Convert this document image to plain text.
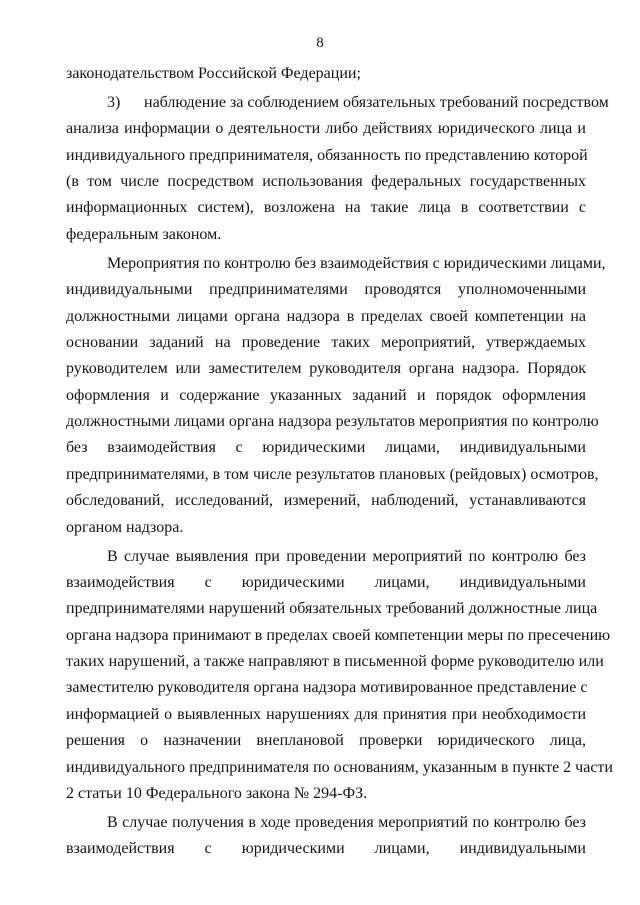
8
законодательством Российской Федерации;
3) наблюдение за соблюдением обязательных требований посредством
анализа информации о деятельности либо действиях юридического лица и
индивидуального предпринимателя, обязанность по представлению которой
(в том числе посредством использования федеральных государственных
информационных систем), возложена на такие лица в соответствии с
федеральным законом.
Мероприятия по контролю без взаимодействия с юридическими лицами,
индивидуальными предпринимателями проводятся уполномоченными
должностными лицами органа надзора в пределах своей компетенции на
основании заданий на проведение таких мероприятий, утверждаемых
руководителем или заместителем руководителя органа надзора. Порядок
оформления и содержание указанных заданий и порядок оформления
должностными лицами органа надзора результатов мероприятия по контролю
без взаимодействия с юридическими лицами, индивидуальными
предпринимателями, в том числе результатов плановых (рейдовых) осмотров,
обследований, исследований, измерений, наблюдений, устанавливаются
органом надзора.
В случае выявления при проведении мероприятий по контролю без
взаимодействия с юридическими лицами, индивидуальными
предпринимателями нарушений обязательных требований должностные лица
органа надзора принимают в пределах своей компетенции меры по пресечению
таких нарушений, а также направляют в письменной форме руководителю или
заместителю руководителя органа надзора мотивированное представление с
информацией о выявленных нарушениях для принятия при необходимости
решения о назначении внеплановой проверки юридического лица,
индивидуального предпринимателя по основаниям, указанным в пункте 2 части
2 статьи 10 Федерального закона № 294-ФЗ.
В случае получения в ходе проведения мероприятий по контролю без
взаимодействия с юридическими лицами, индивидуальными
